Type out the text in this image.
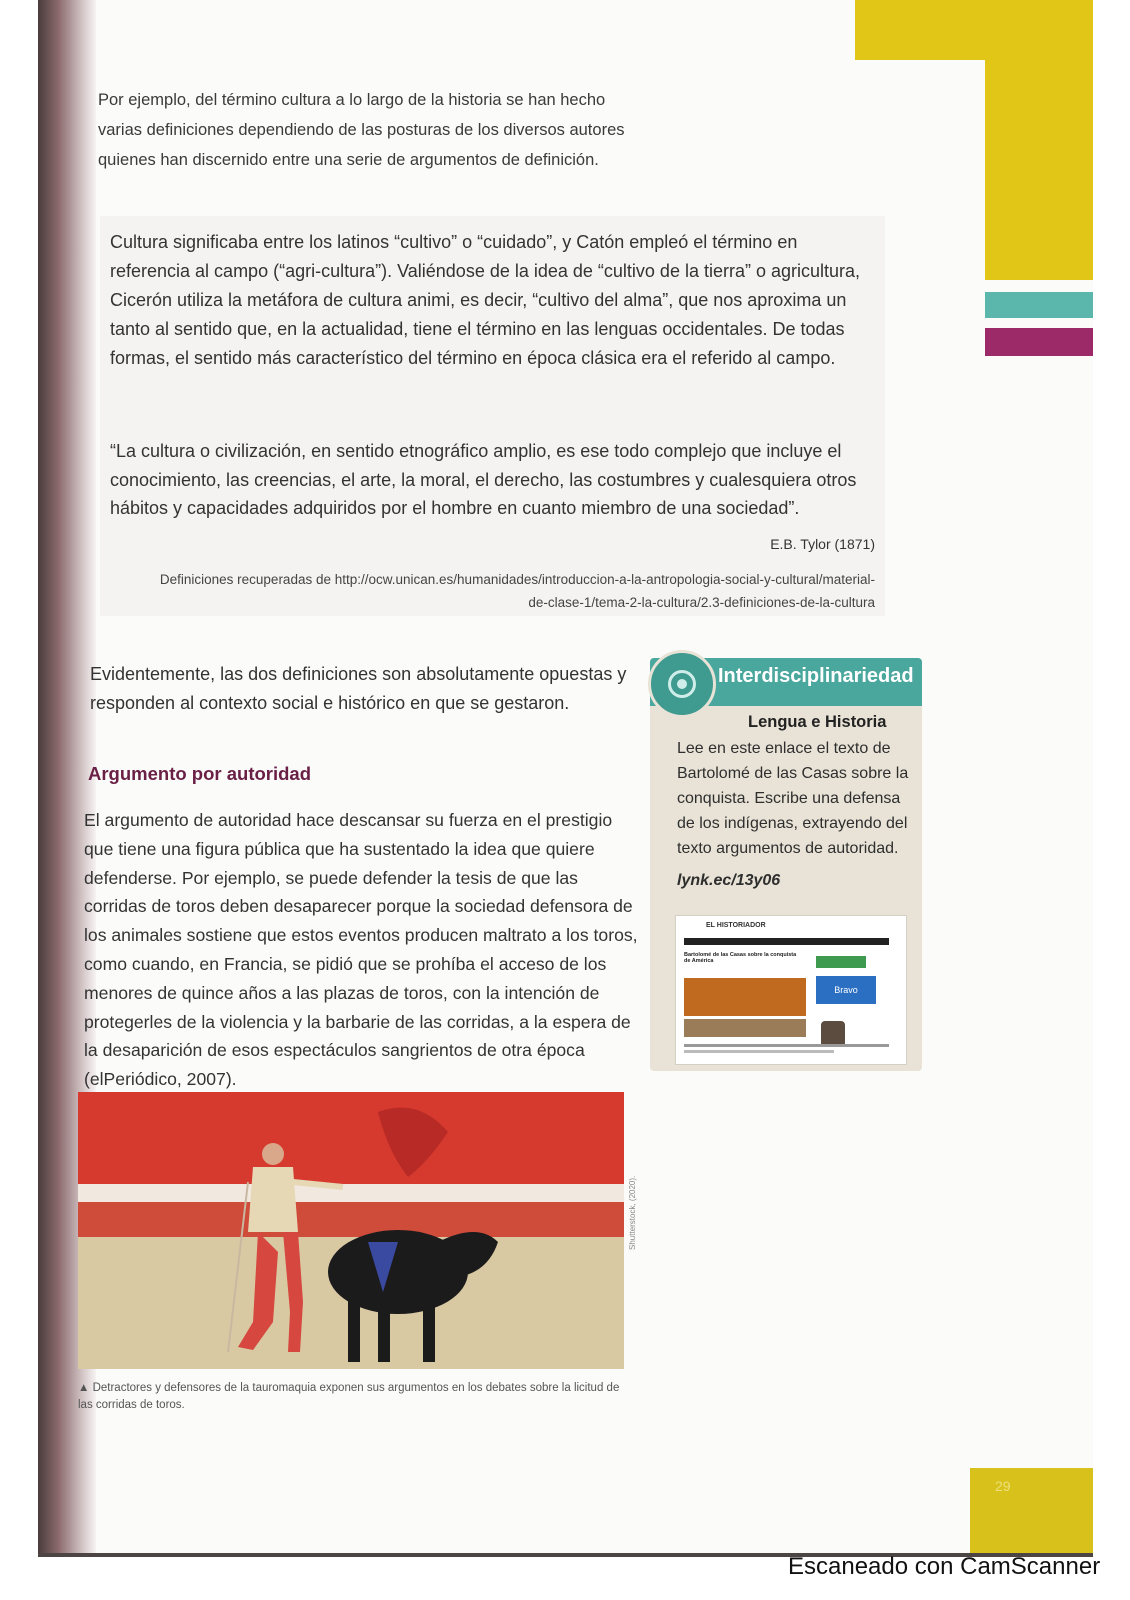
29
Por ejemplo, del término cultura a lo largo de la historia se han hecho varias definiciones dependiendo de las posturas de los diversos autores quienes han discernido entre una serie de argumentos de definición.
Cultura significaba entre los latinos “cultivo” o “cuidado”, y Catón empleó el término en referencia al campo (“agri-cultura”). Valiéndose de la idea de “cultivo de la tierra” o agricultura, Cicerón utiliza la metáfora de cultura animi, es decir, “cultivo del alma”, que nos aproxima un tanto al sentido que, en la actualidad, tiene el término en las lenguas occidentales. De todas formas, el sentido más característico del término en época clásica era el referido al campo.
“La cultura o civilización, en sentido etnográfico amplio, es ese todo complejo que incluye el conocimiento, las creencias, el arte, la moral, el derecho, las costumbres y cualesquiera otros hábitos y capacidades adquiridos por el hombre en cuanto miembro de una sociedad”.
E.B. Tylor (1871)
Definiciones recuperadas de http://ocw.unican.es/humanidades/introduccion-a-la-antropologia-social-y-cultural/material-de-clase-1/tema-2-la-cultura/2.3-definiciones-de-la-cultura
Evidentemente, las dos definiciones son absolutamente opuestas y responden al contexto social e histórico en que se gestaron.
Argumento por autoridad
El argumento de autoridad hace descansar su fuerza en el prestigio que tiene una figura pública que ha sustentado la idea que quiere defenderse. Por ejemplo, se puede defender la tesis de que las corridas de toros deben desaparecer porque la sociedad defensora de los animales sostiene que estos eventos producen maltrato a los toros, como cuando, en Francia, se pidió que se prohíba el acceso de los menores de quince años a las plazas de toros, con la intención de protegerles de la violencia y la barbarie de las corridas, a la espera de la desaparición de esos espectáculos sangrientos de otra época (elPeriódico, 2007).
Interdisciplinariedad
Lengua e Historia
Lee en este enlace el texto de Bartolomé de las Casas sobre la conquista. Escribe una defensa de los indígenas, extrayendo del texto argumentos de autoridad.
lynk.ec/13y06
EL HISTORIADOR
Bartolomé de las Casas sobre la conquista de América
Bravo
Shutterstock, (2020).
▲ Detractores y defensores de la tauromaquia exponen sus argumentos en los debates sobre la licitud de las corridas de toros.
Escaneado con CamScanner
